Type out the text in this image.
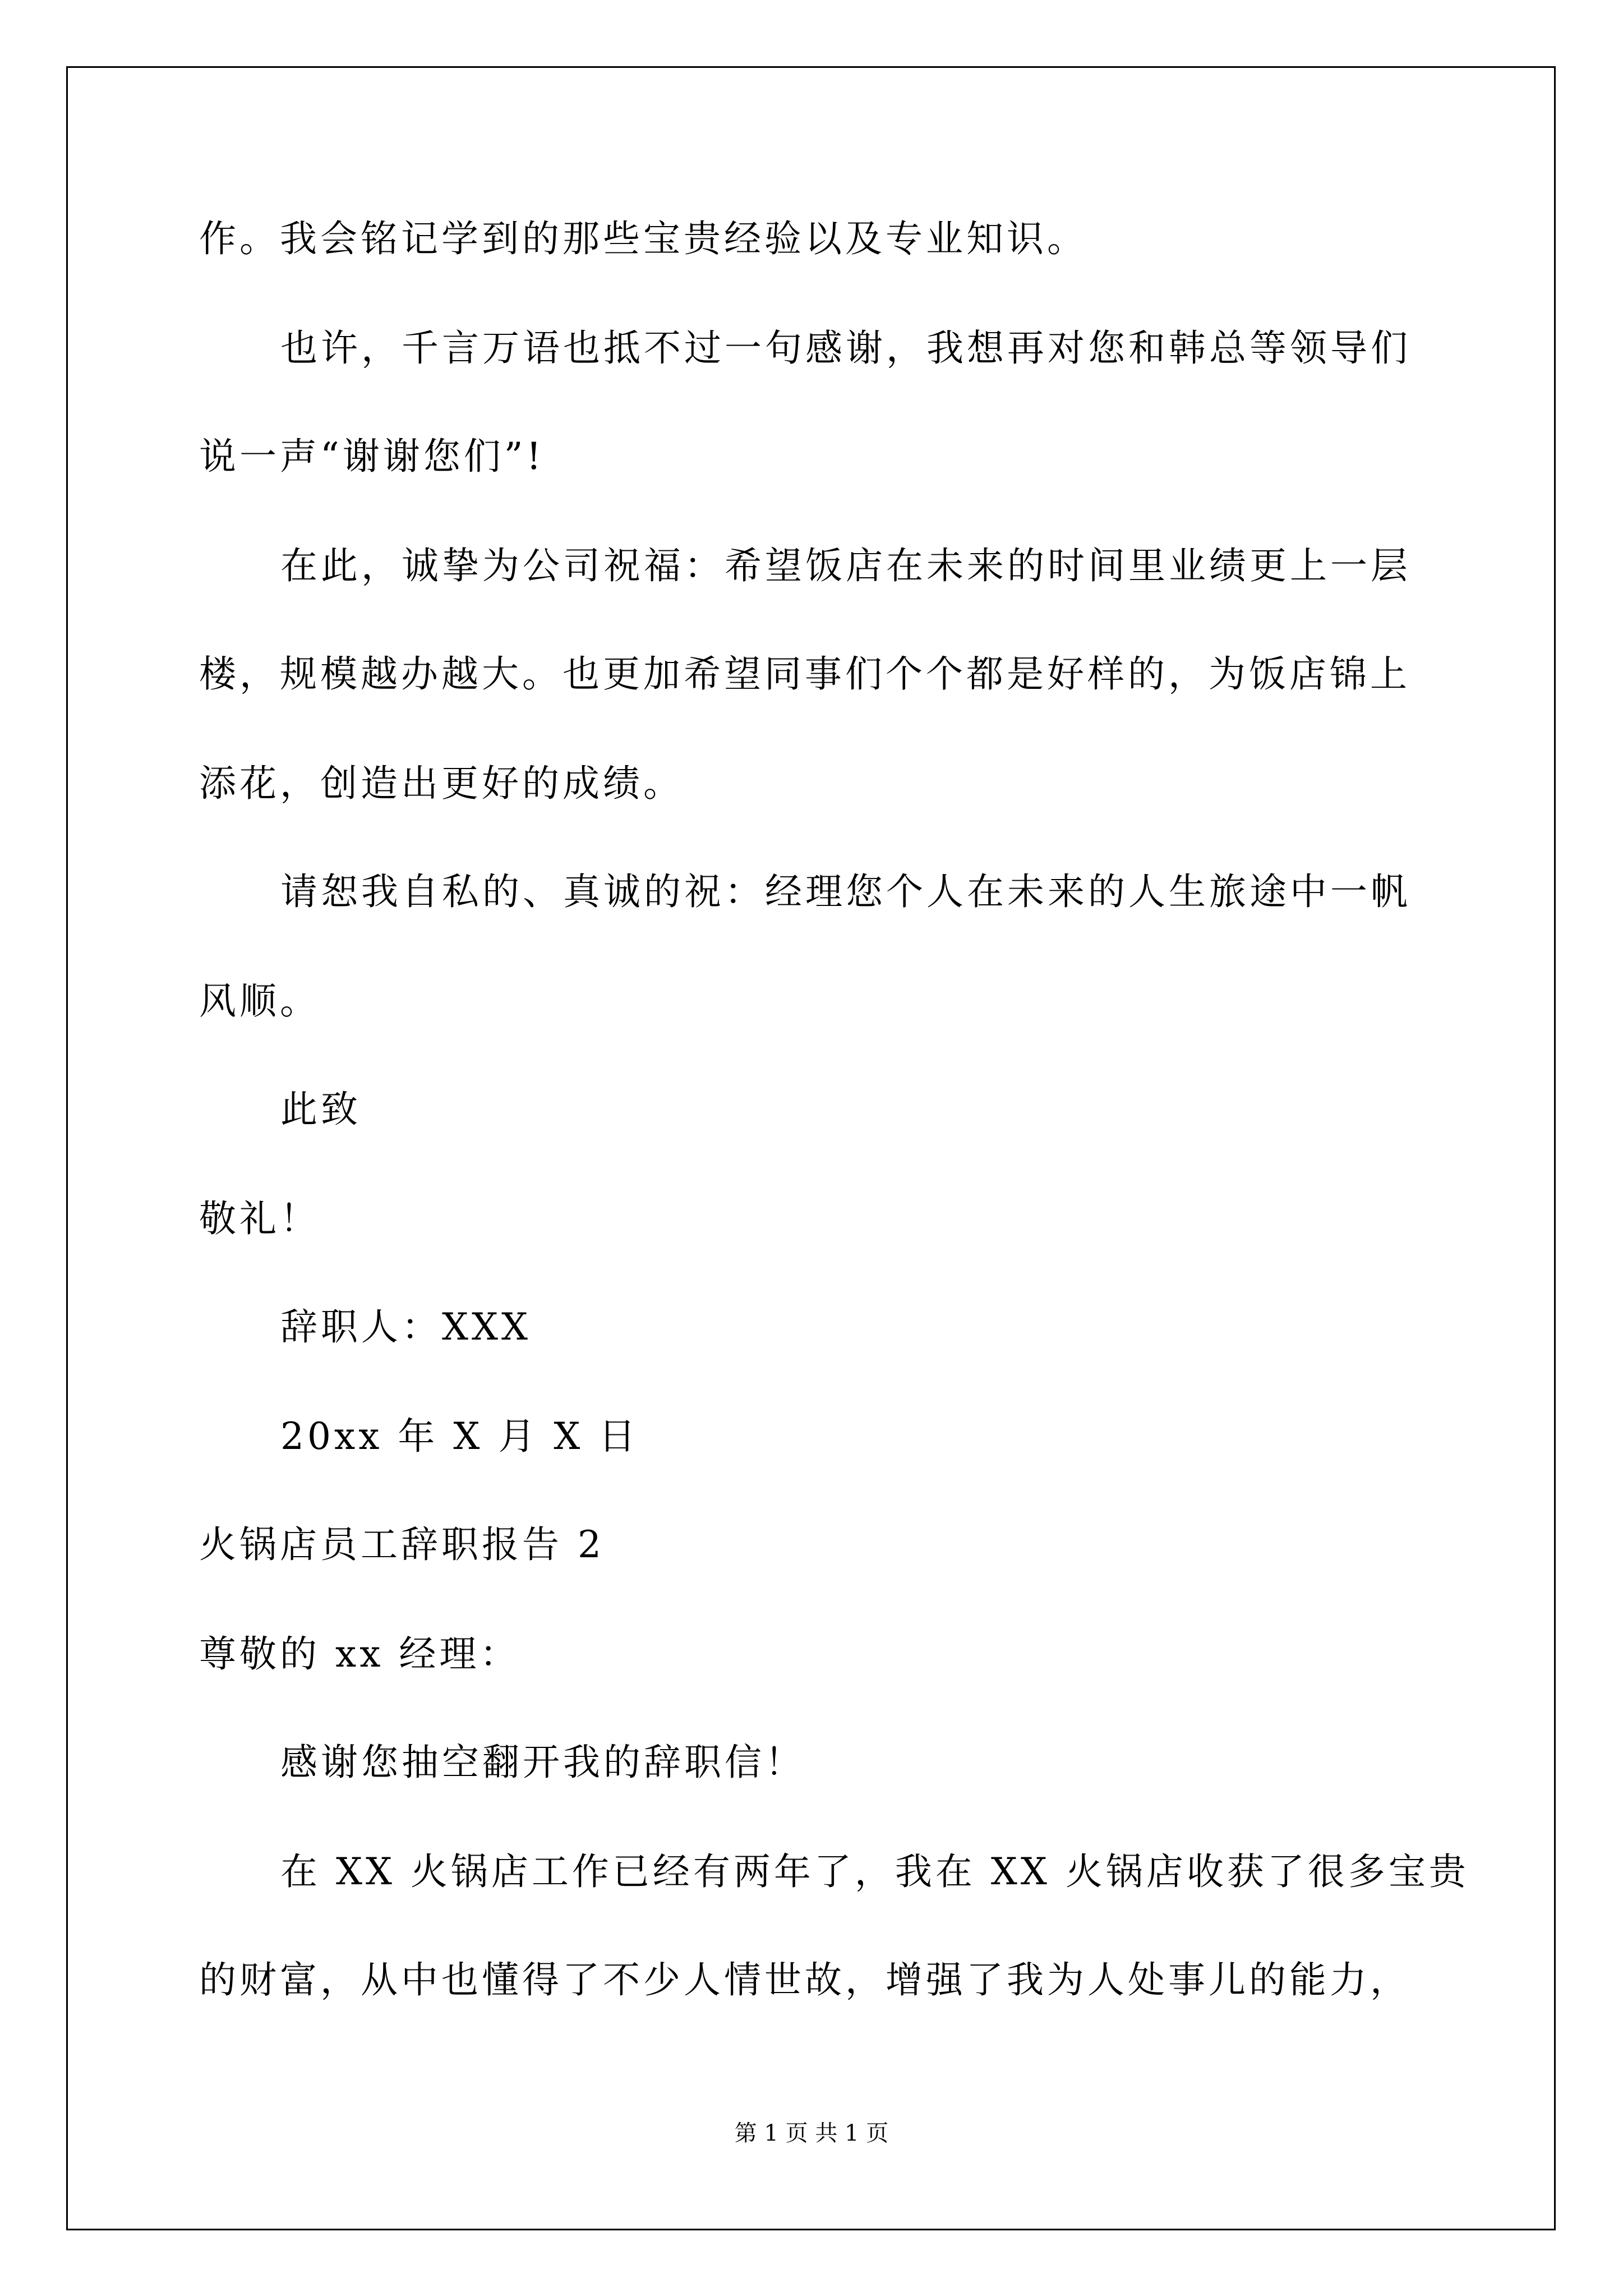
作。我会铭记学到的那些宝贵经验以及专业知识。
也许，千言万语也抵不过一句感谢，我想再对您和韩总等领导们
说一声“谢谢您们”!
在此，诚挚为公司祝福：希望饭店在未来的时间里业绩更上一层
楼，规模越办越大。也更加希望同事们个个都是好样的，为饭店锦上
添花，创造出更好的成绩。
请恕我自私的、真诚的祝：经理您个人在未来的人生旅途中一帆
风顺。
此致
敬礼！
辞职人：XXX
20xx 年 X 月 X 日
火锅店员工辞职报告 2
尊敬的 xx 经理：
感谢您抽空翻开我的辞职信！
在 XX 火锅店工作已经有两年了，我在 XX 火锅店收获了很多宝贵
的财富，从中也懂得了不少人情世故，增强了我为人处事儿的能力，
第 1 页 共 1 页
